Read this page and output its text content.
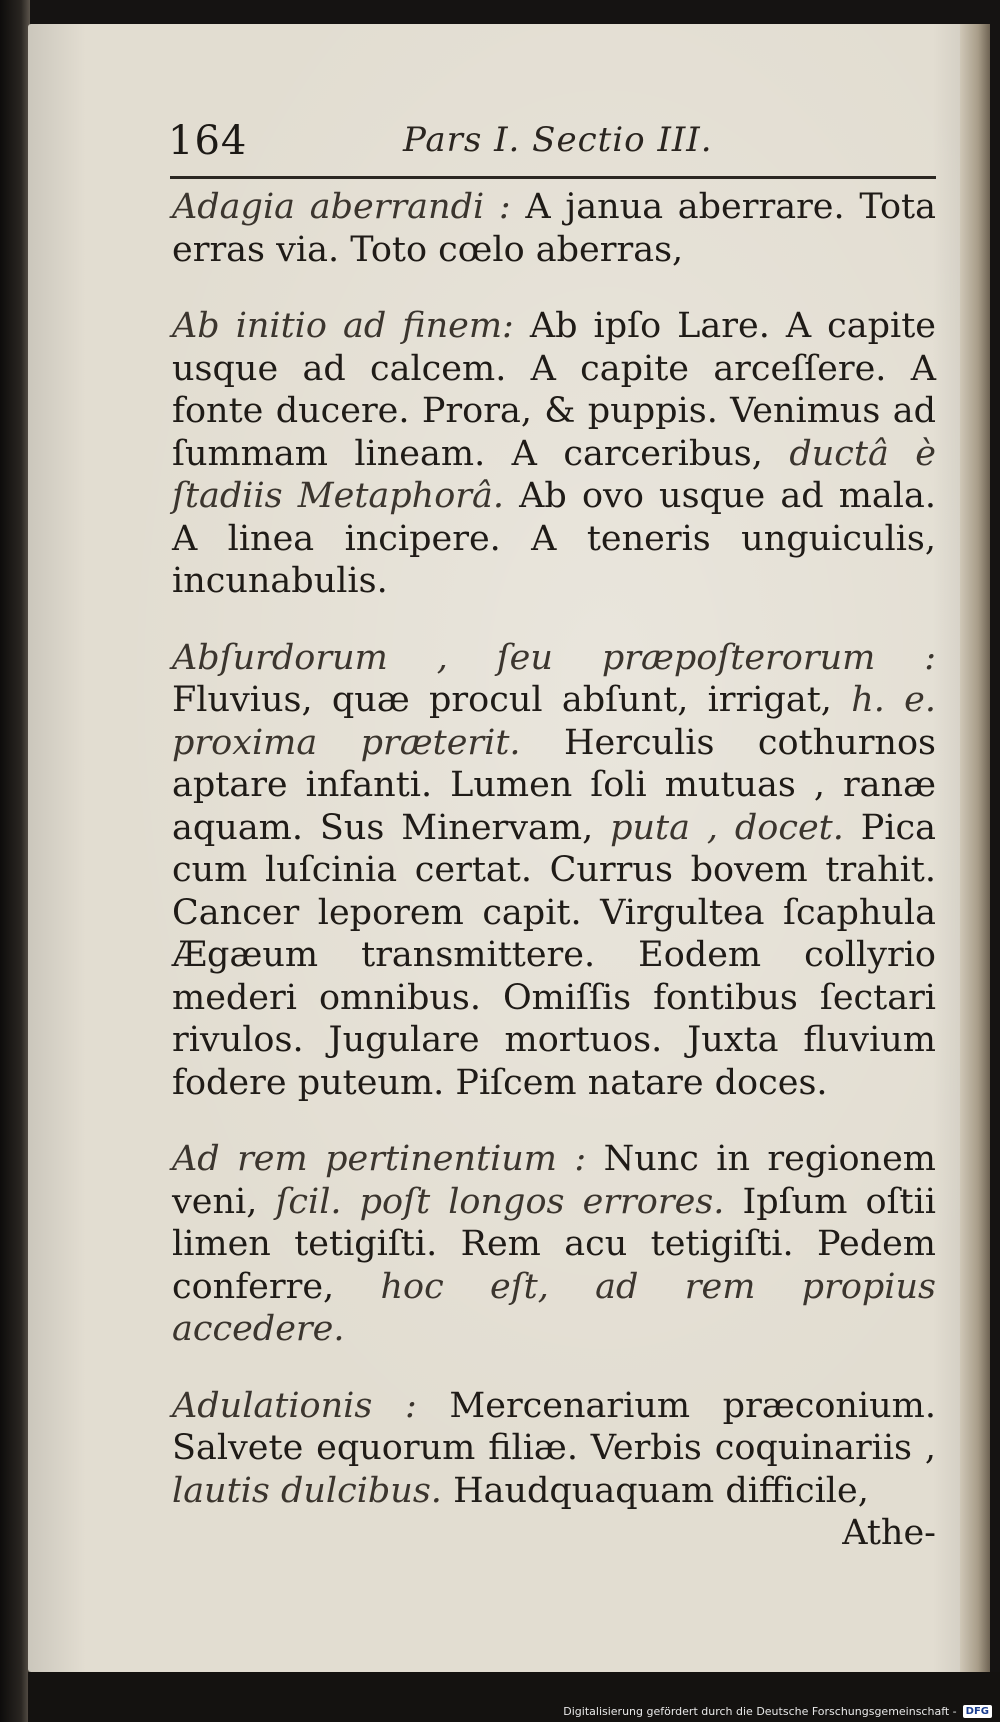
164	Pars I. Sectio III.

Adagia aberrandi : A janua aberrare. Tota erras via. Toto cœlo aberras,

Ab initio ad finem: Ab ipſo Lare. A capite usque ad calcem. A capite arceſſere. A fonte ducere. Prora, & puppis. Venimus ad ſummam lineam. A carceribus, ductâ è ſtadiis Metaphorâ. Ab ovo usque ad mala. A linea incipere. A teneris unguiculis, incunabulis.

Abſurdorum , ſeu præpoſterorum : Fluvius, quæ procul abſunt, irrigat, h. e. proxima præterit. Herculis cothurnos aptare infanti. Lumen ſoli mutuas , ranæ aquam. Sus Minervam, puta , docet. Pica cum luſcinia certat. Currus bovem trahit. Cancer leporem capit. Virgultea ſcaphula Ægæum transmittere. Eodem collyrio mederi omnibus. Omiſſis fontibus ſectari rivulos. Jugulare mortuos. Juxta fluvium fodere puteum. Piſcem natare doces.

Ad rem pertinentium : Nunc in regionem veni, ſcil. poſt longos errores. Ipſum oſtii limen tetigiſti. Rem acu tetigiſti. Pedem conferre, hoc eſt, ad rem propius accedere.

Adulationis : Mercenarium præconium. Salvete equorum filiæ. Verbis coquinariis , lautis dulcibus. Haudquaquam difficile,

Athe-

Digitalisierung gefördert durch die Deutsche Forschungsgemeinschaft - DFG
